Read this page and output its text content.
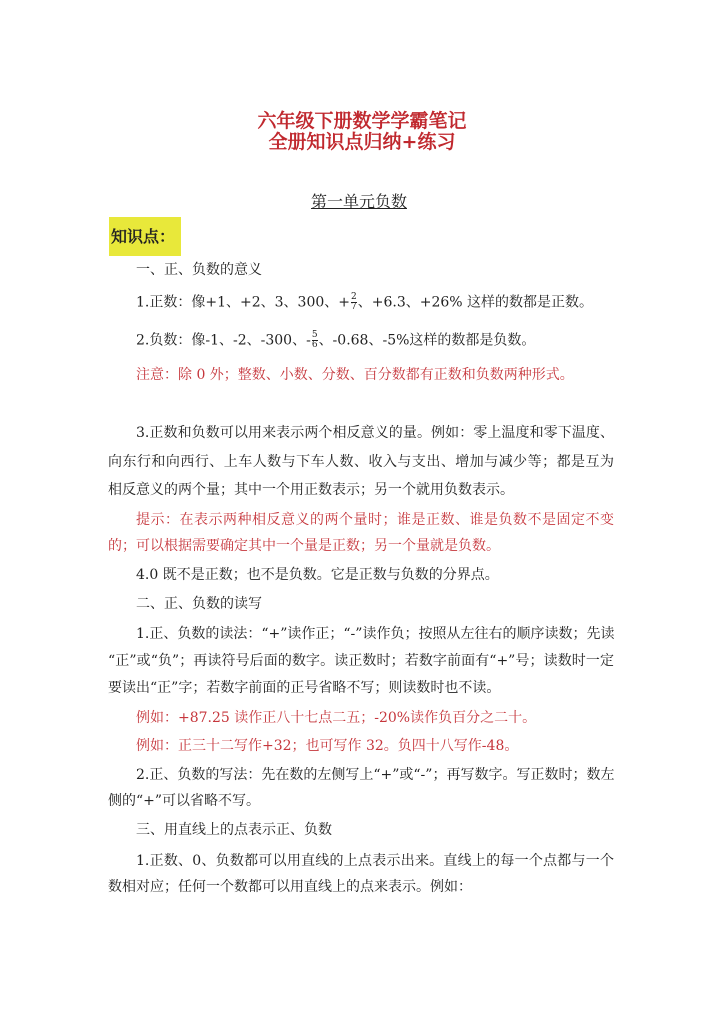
六年级下册数学学霸笔记
全册知识点归纳+练习
第一单元负数
知识点：
一、正、负数的意义
1.正数：像+1、+2、3、300、+ $\frac{2}{7}$ 、+6.3、+26% 这样的数都是正数。
2.负数：像-1、-2、-300、- $\frac{5}{6}$ 、-0.68、-5%这样的数都是负数。
注意：除 0 外；整数、小数、分数、百分数都有正数和负数两种形式。
3.正数和负数可以用来表示两个相反意义的量。例如：零上温度和零下温度、
向东行和向西行、上车人数与下车人数、收入与支出、增加与减少等；都是互为
相反意义的两个量；其中一个用正数表示；另一个就用负数表示。
提示：在表示两种相反意义的两个量时；谁是正数、谁是负数不是固定不变
的；可以根据需要确定其中一个量是正数；另一个量就是负数。
4.0 既不是正数；也不是负数。它是正数与负数的分界点。
二、正、负数的读写
1.正、负数的读法：“+”读作正；“-”读作负；按照从左往右的顺序读数；先读
“正”或“负”；再读符号后面的数字。读正数时；若数字前面有“+”号；读数时一定
要读出“正”字；若数字前面的正号省略不写；则读数时也不读。
例如：+87.25 读作正八十七点二五；-20%读作负百分之二十。
例如：正三十二写作+32；也可写作 32。负四十八写作-48。
2.正、负数的写法：先在数的左侧写上“+”或“-”；再写数字。写正数时；数左
侧的“+”可以省略不写。
三、用直线上的点表示正、负数
1.正数、0、负数都可以用直线的上点表示出来。直线上的每一个点都与一个
数相对应；任何一个数都可以用直线上的点来表示。例如：
